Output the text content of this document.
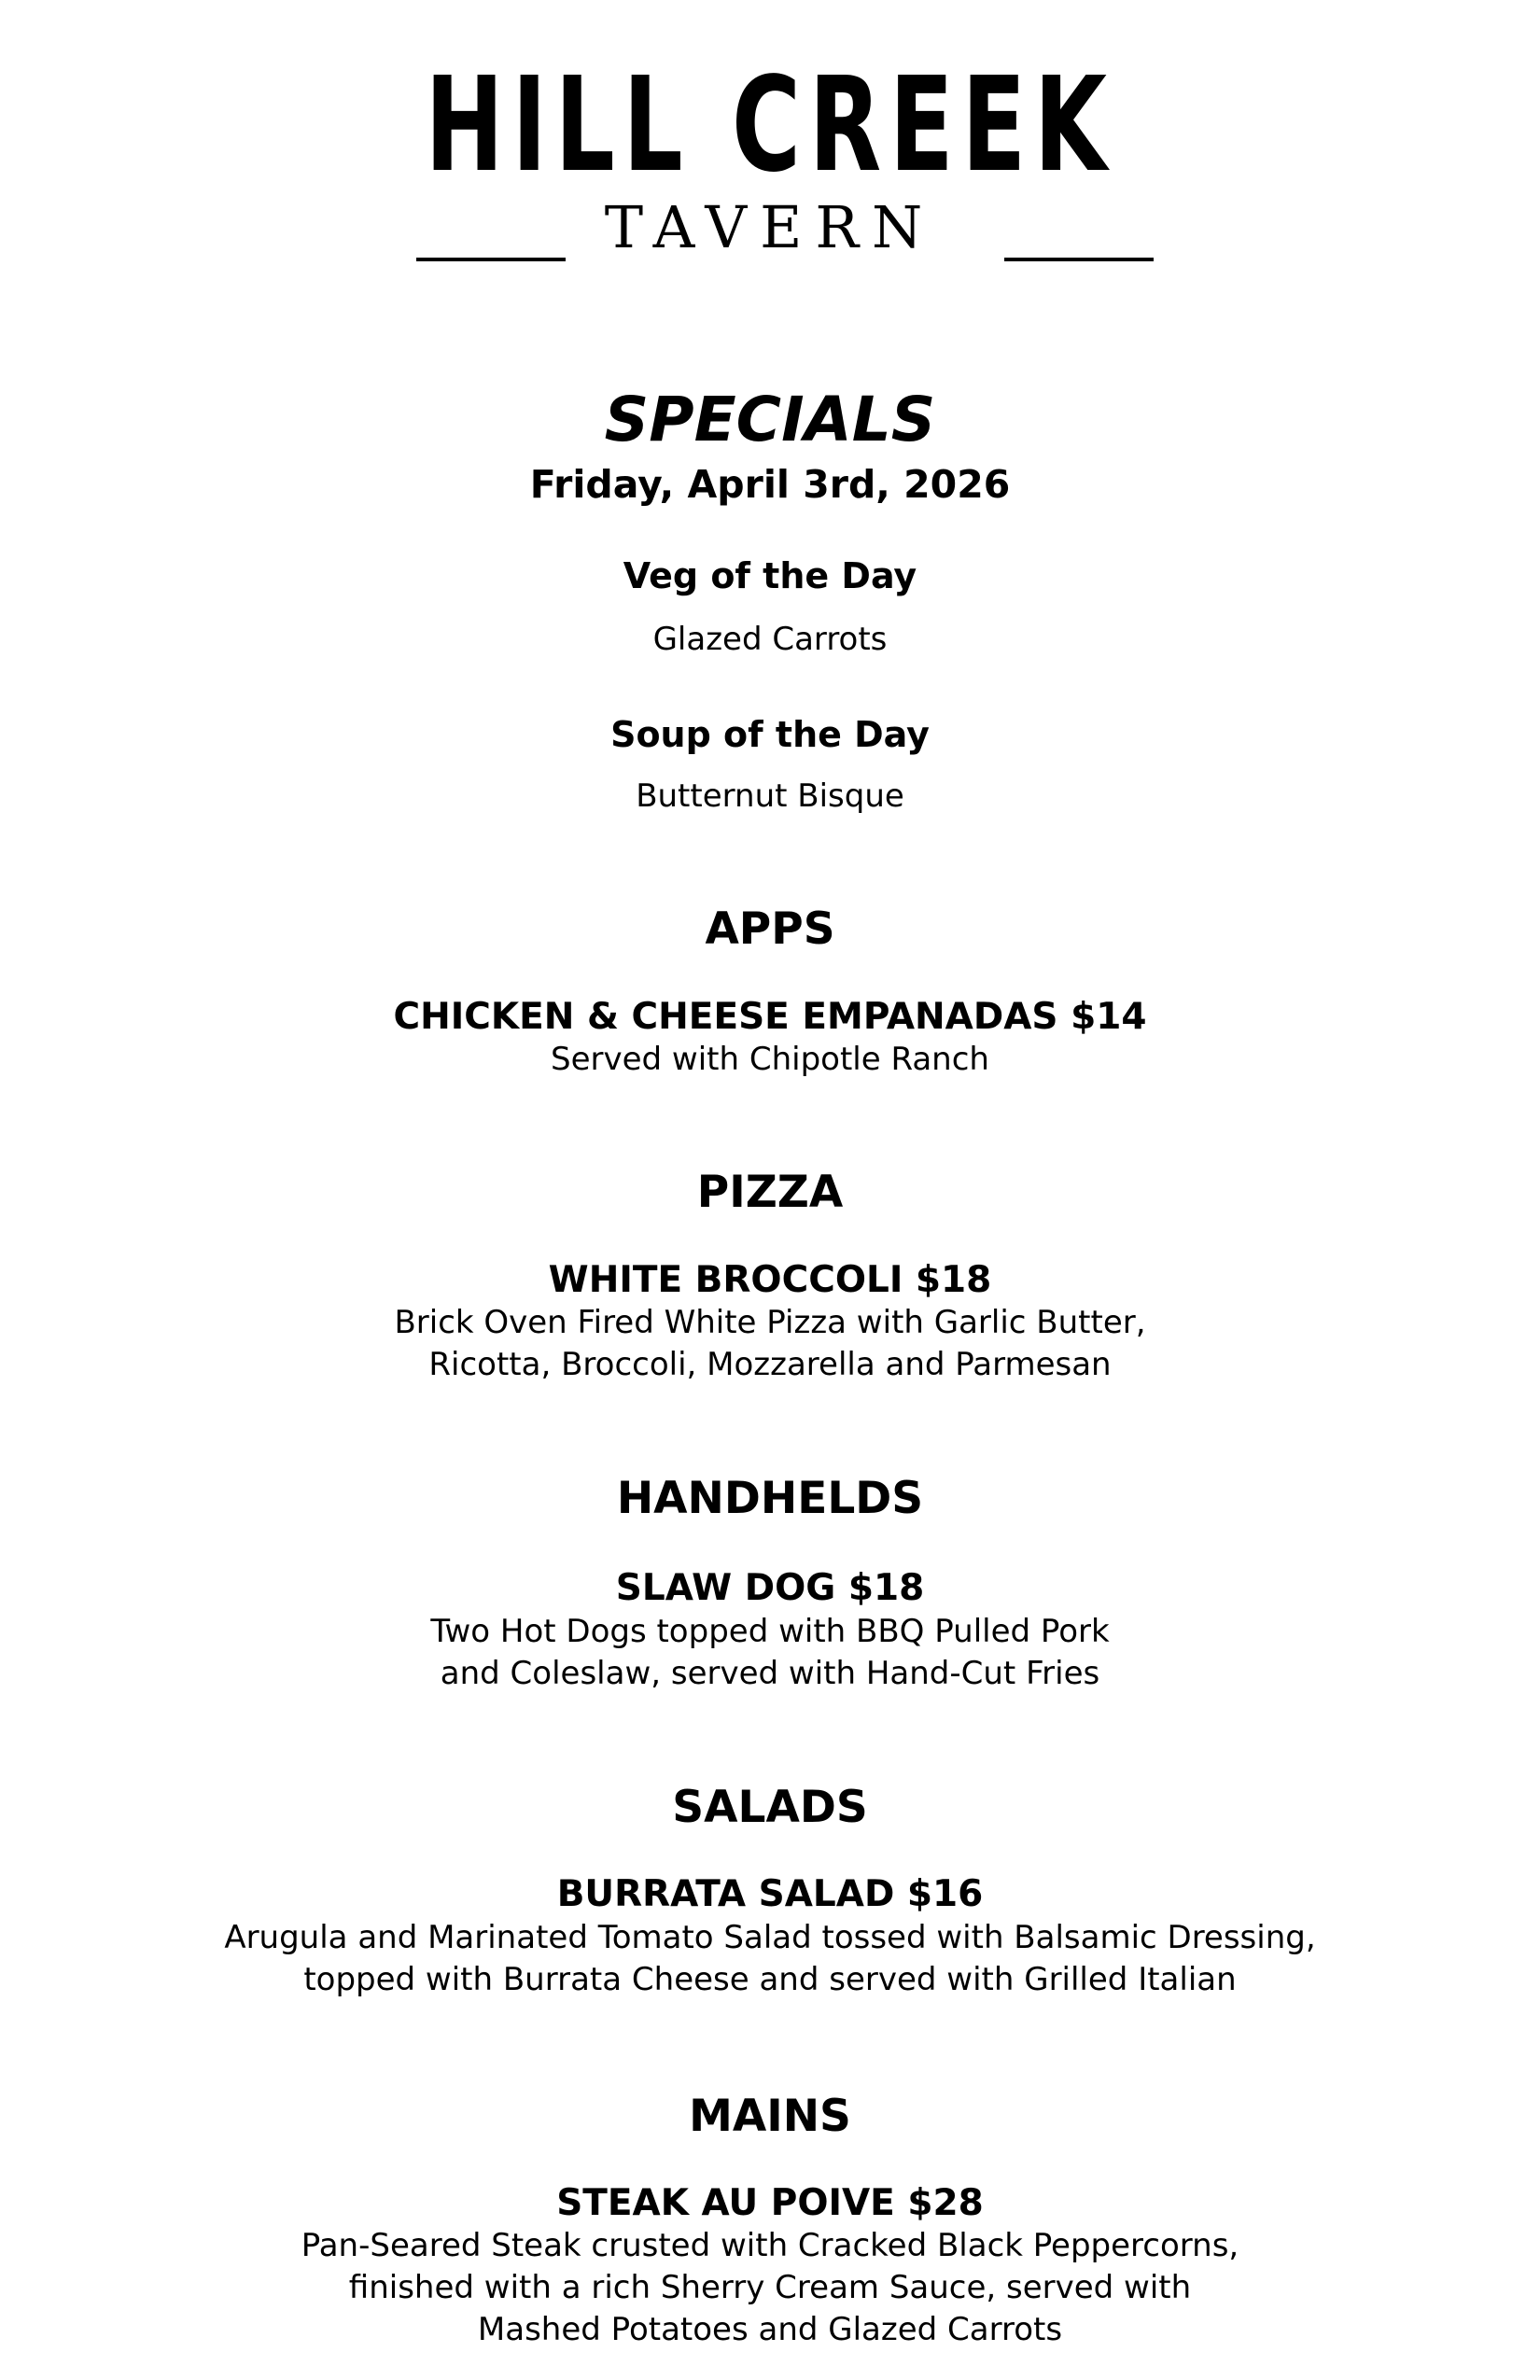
HILL CREEK
TAVERN
SPECIALS
Friday, April 3rd, 2026
Veg of the Day
Glazed Carrots
Soup of the Day
Butternut Bisque
APPS
CHICKEN & CHEESE EMPANADAS $14
Served with Chipotle Ranch
PIZZA
WHITE BROCCOLI $18
Brick Oven Fired White Pizza with Garlic Butter,
Ricotta, Broccoli, Mozzarella and Parmesan
HANDHELDS
SLAW DOG $18
Two Hot Dogs topped with BBQ Pulled Pork
and Coleslaw, served with Hand-Cut Fries
SALADS
BURRATA SALAD $16
Arugula and Marinated Tomato Salad tossed with Balsamic Dressing,
topped with Burrata Cheese and served with Grilled Italian
MAINS
STEAK AU POIVE $28
Pan-Seared Steak crusted with Cracked Black Peppercorns,
finished with a rich Sherry Cream Sauce, served with
Mashed Potatoes and Glazed Carrots
